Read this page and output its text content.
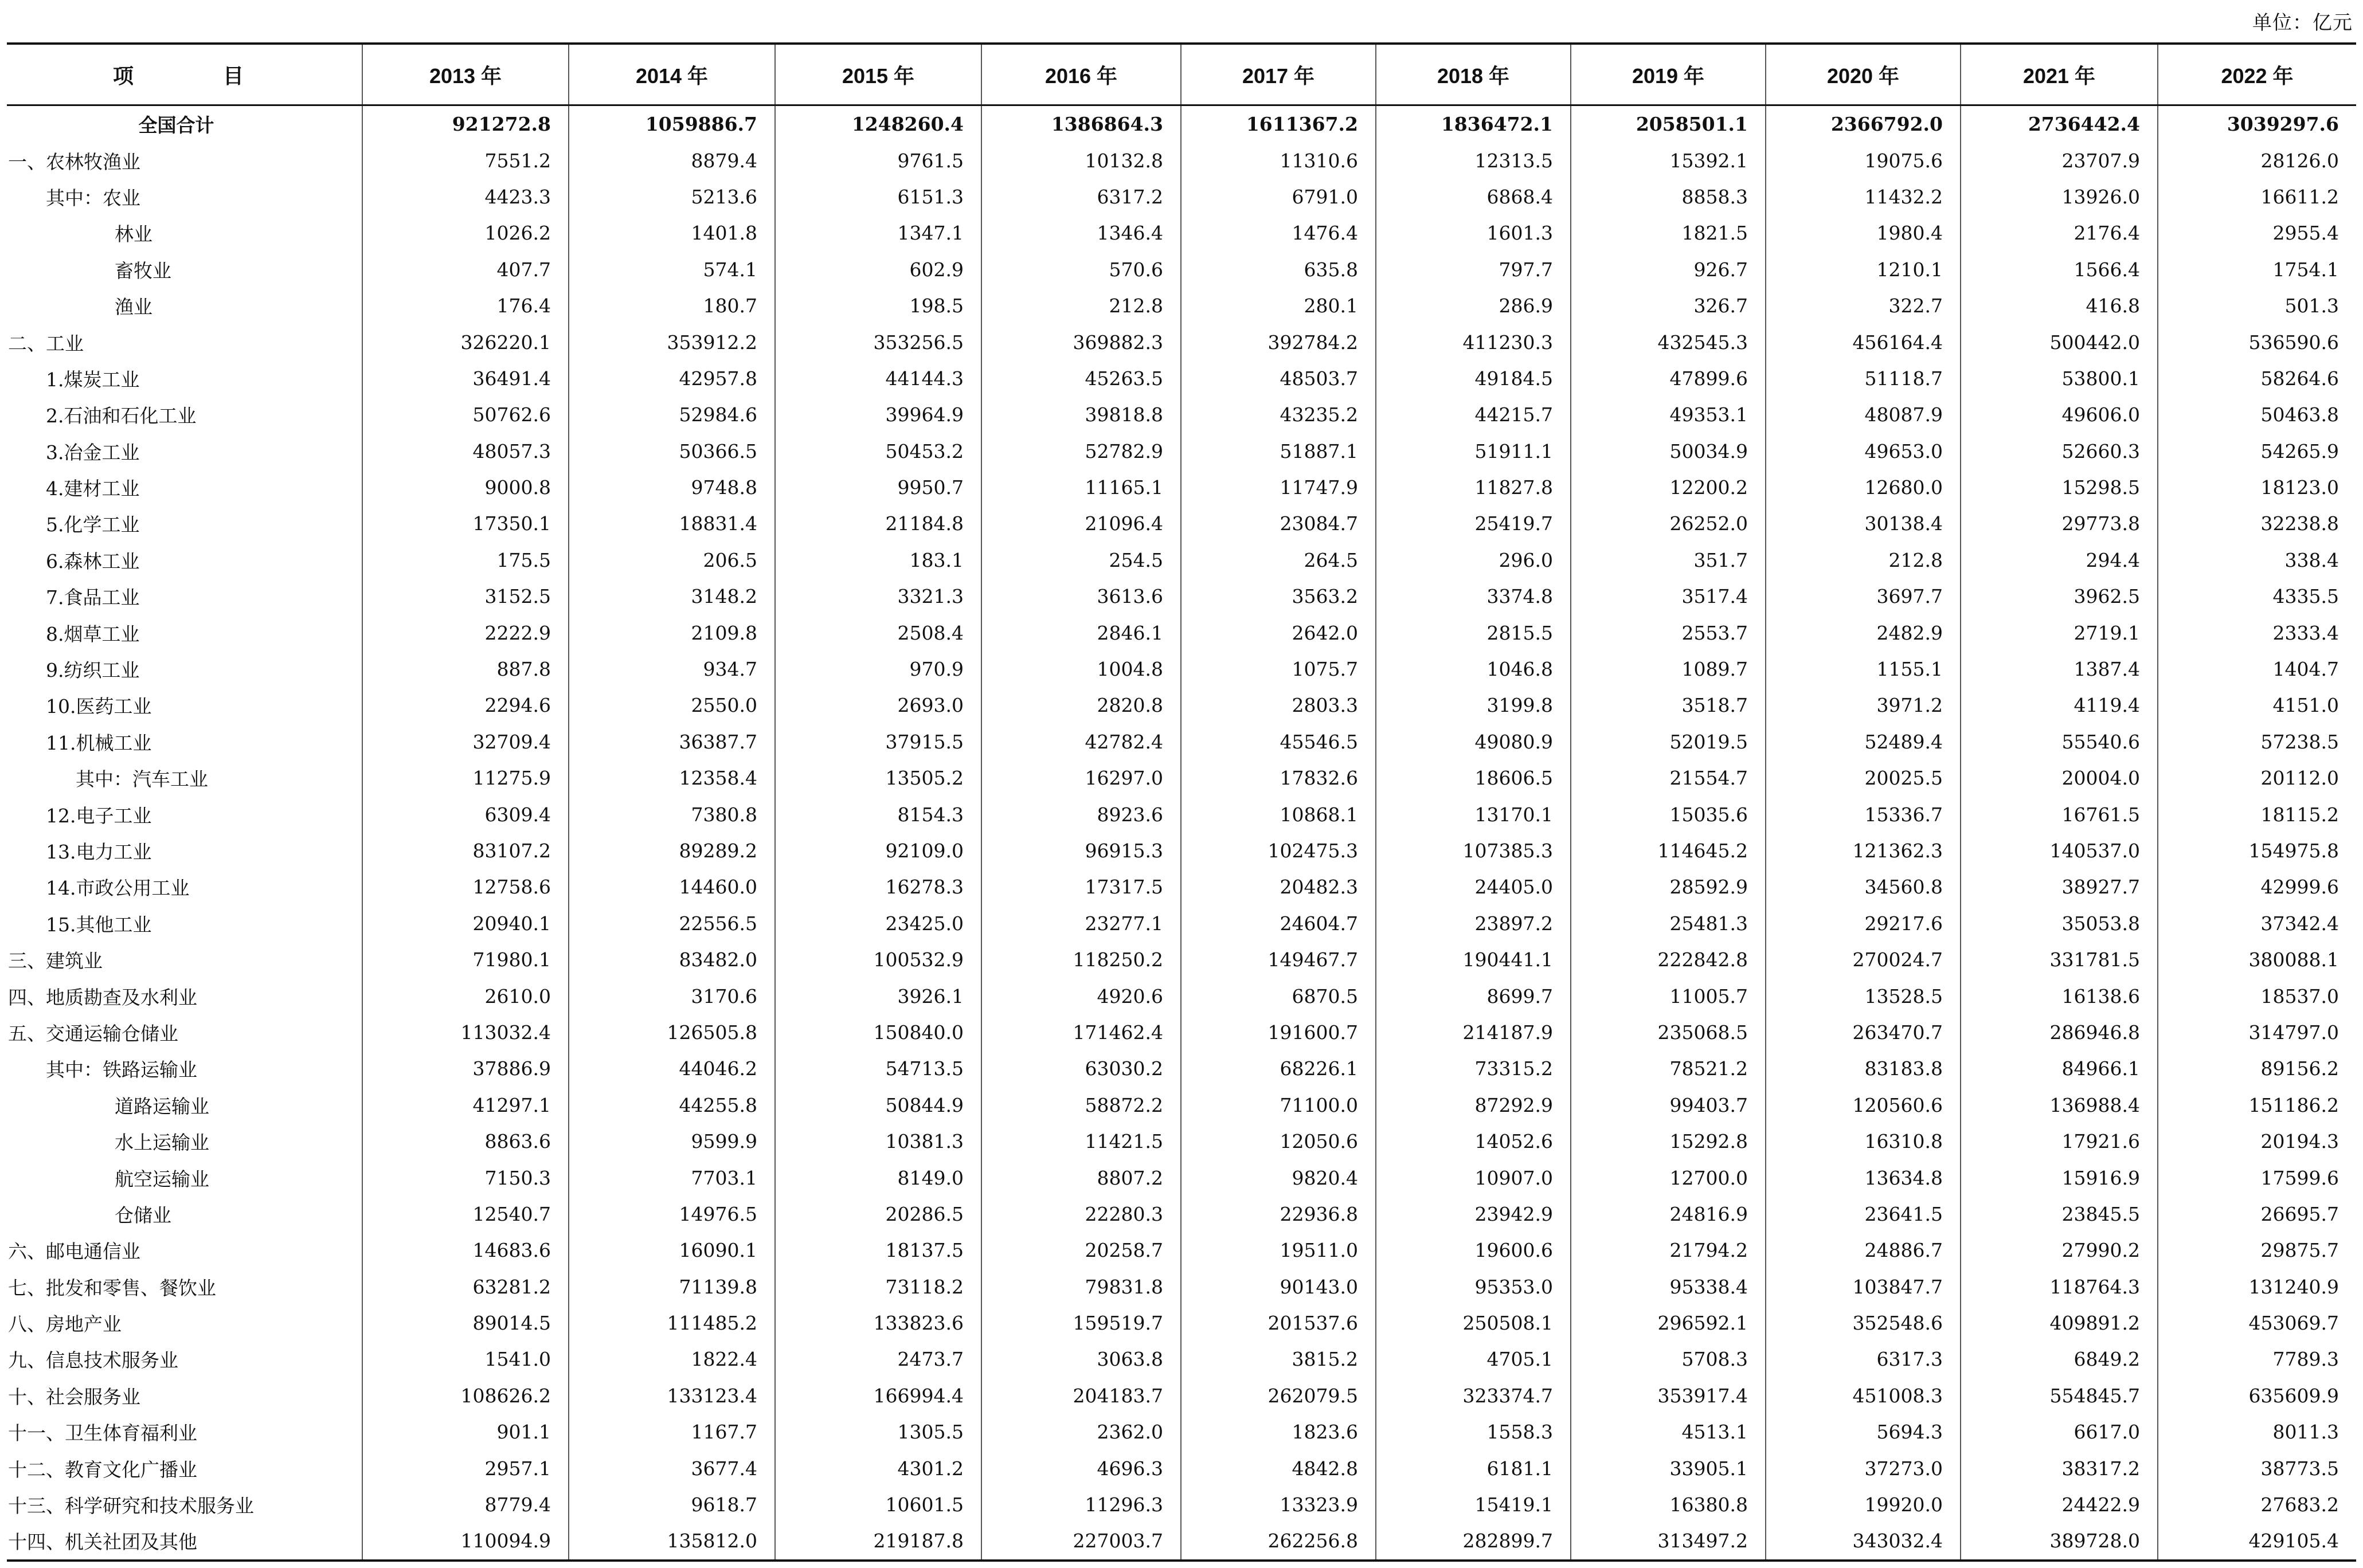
单位：亿元
项　目	2013 年	2014 年	2015 年	2016 年	2017 年	2018 年	2019 年	2020 年	2021 年	2022 年
全国合计	921272.8	1059886.7	1248260.4	1386864.3	1611367.2	1836472.1	2058501.1	2366792.0	2736442.4	3039297.6
一、农林牧渔业	7551.2	8879.4	9761.5	10132.8	11310.6	12313.5	15392.1	19075.6	23707.9	28126.0
其中：农业	4423.3	5213.6	6151.3	6317.2	6791.0	6868.4	8858.3	11432.2	13926.0	16611.2
林业	1026.2	1401.8	1347.1	1346.4	1476.4	1601.3	1821.5	1980.4	2176.4	2955.4
畜牧业	407.7	574.1	602.9	570.6	635.8	797.7	926.7	1210.1	1566.4	1754.1
渔业	176.4	180.7	198.5	212.8	280.1	286.9	326.7	322.7	416.8	501.3
二、工业	326220.1	353912.2	353256.5	369882.3	392784.2	411230.3	432545.3	456164.4	500442.0	536590.6
1.煤炭工业	36491.4	42957.8	44144.3	45263.5	48503.7	49184.5	47899.6	51118.7	53800.1	58264.6
2.石油和石化工业	50762.6	52984.6	39964.9	39818.8	43235.2	44215.7	49353.1	48087.9	49606.0	50463.8
3.冶金工业	48057.3	50366.5	50453.2	52782.9	51887.1	51911.1	50034.9	49653.0	52660.3	54265.9
4.建材工业	9000.8	9748.8	9950.7	11165.1	11747.9	11827.8	12200.2	12680.0	15298.5	18123.0
5.化学工业	17350.1	18831.4	21184.8	21096.4	23084.7	25419.7	26252.0	30138.4	29773.8	32238.8
6.森林工业	175.5	206.5	183.1	254.5	264.5	296.0	351.7	212.8	294.4	338.4
7.食品工业	3152.5	3148.2	3321.3	3613.6	3563.2	3374.8	3517.4	3697.7	3962.5	4335.5
8.烟草工业	2222.9	2109.8	2508.4	2846.1	2642.0	2815.5	2553.7	2482.9	2719.1	2333.4
9.纺织工业	887.8	934.7	970.9	1004.8	1075.7	1046.8	1089.7	1155.1	1387.4	1404.7
10.医药工业	2294.6	2550.0	2693.0	2820.8	2803.3	3199.8	3518.7	3971.2	4119.4	4151.0
11.机械工业	32709.4	36387.7	37915.5	42782.4	45546.5	49080.9	52019.5	52489.4	55540.6	57238.5
其中：汽车工业	11275.9	12358.4	13505.2	16297.0	17832.6	18606.5	21554.7	20025.5	20004.0	20112.0
12.电子工业	6309.4	7380.8	8154.3	8923.6	10868.1	13170.1	15035.6	15336.7	16761.5	18115.2
13.电力工业	83107.2	89289.2	92109.0	96915.3	102475.3	107385.3	114645.2	121362.3	140537.0	154975.8
14.市政公用工业	12758.6	14460.0	16278.3	17317.5	20482.3	24405.0	28592.9	34560.8	38927.7	42999.6
15.其他工业	20940.1	22556.5	23425.0	23277.1	24604.7	23897.2	25481.3	29217.6	35053.8	37342.4
三、建筑业	71980.1	83482.0	100532.9	118250.2	149467.7	190441.1	222842.8	270024.7	331781.5	380088.1
四、地质勘查及水利业	2610.0	3170.6	3926.1	4920.6	6870.5	8699.7	11005.7	13528.5	16138.6	18537.0
五、交通运输仓储业	113032.4	126505.8	150840.0	171462.4	191600.7	214187.9	235068.5	263470.7	286946.8	314797.0
其中：铁路运输业	37886.9	44046.2	54713.5	63030.2	68226.1	73315.2	78521.2	83183.8	84966.1	89156.2
道路运输业	41297.1	44255.8	50844.9	58872.2	71100.0	87292.9	99403.7	120560.6	136988.4	151186.2
水上运输业	8863.6	9599.9	10381.3	11421.5	12050.6	14052.6	15292.8	16310.8	17921.6	20194.3
航空运输业	7150.3	7703.1	8149.0	8807.2	9820.4	10907.0	12700.0	13634.8	15916.9	17599.6
仓储业	12540.7	14976.5	20286.5	22280.3	22936.8	23942.9	24816.9	23641.5	23845.5	26695.7
六、邮电通信业	14683.6	16090.1	18137.5	20258.7	19511.0	19600.6	21794.2	24886.7	27990.2	29875.7
七、批发和零售、餐饮业	63281.2	71139.8	73118.2	79831.8	90143.0	95353.0	95338.4	103847.7	118764.3	131240.9
八、房地产业	89014.5	111485.2	133823.6	159519.7	201537.6	250508.1	296592.1	352548.6	409891.2	453069.7
九、信息技术服务业	1541.0	1822.4	2473.7	3063.8	3815.2	4705.1	5708.3	6317.3	6849.2	7789.3
十、社会服务业	108626.2	133123.4	166994.4	204183.7	262079.5	323374.7	353917.4	451008.3	554845.7	635609.9
十一、卫生体育福利业	901.1	1167.7	1305.5	2362.0	1823.6	1558.3	4513.1	5694.3	6617.0	8011.3
十二、教育文化广播业	2957.1	3677.4	4301.2	4696.3	4842.8	6181.1	33905.1	37273.0	38317.2	38773.5
十三、科学研究和技术服务业	8779.4	9618.7	10601.5	11296.3	13323.9	15419.1	16380.8	19920.0	24422.9	27683.2
十四、机关社团及其他	110094.9	135812.0	219187.8	227003.7	262256.8	282899.7	313497.2	343032.4	389728.0	429105.4
